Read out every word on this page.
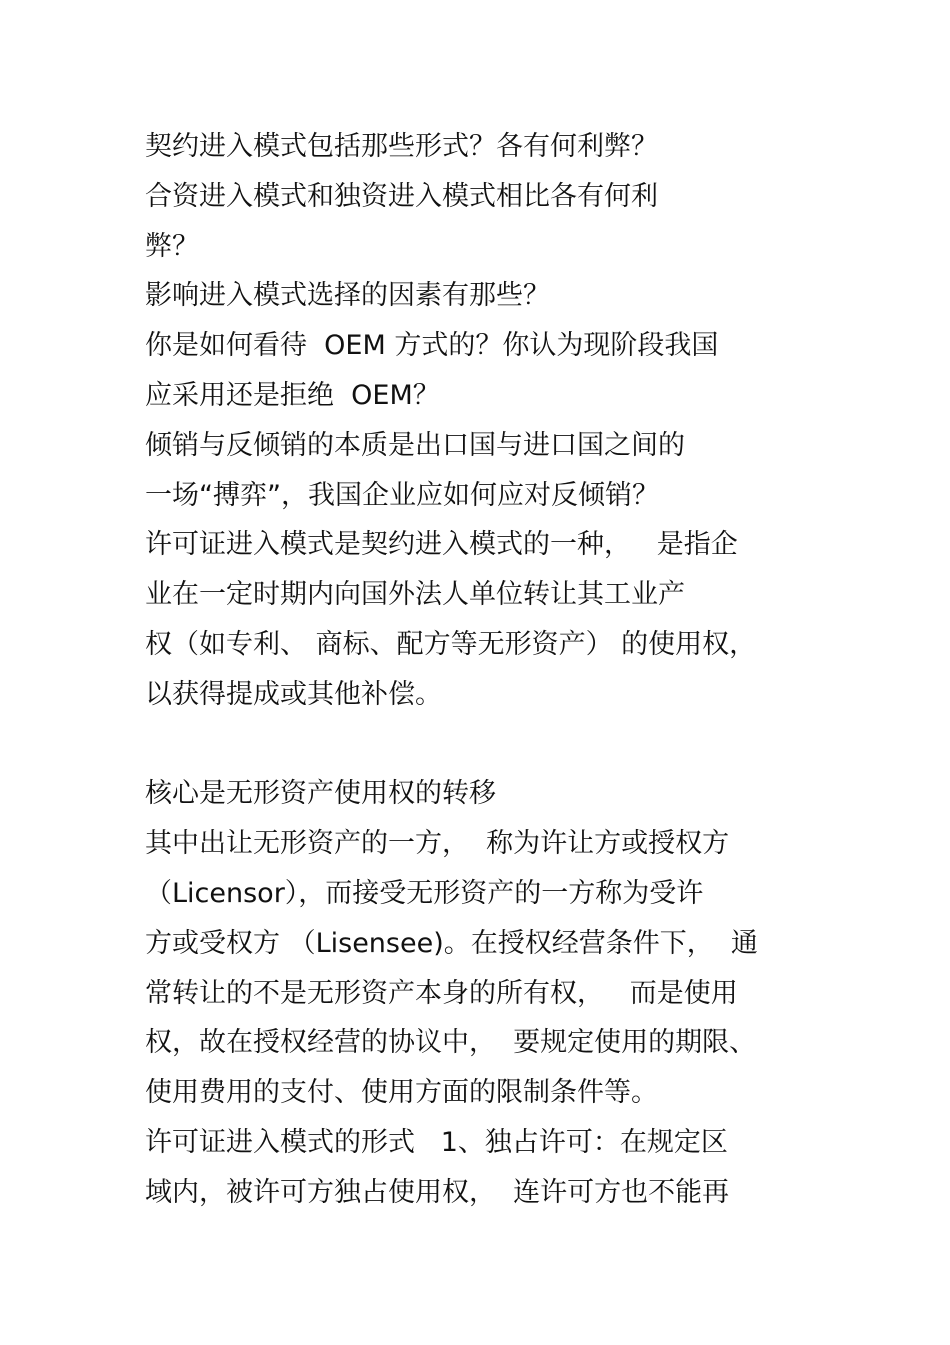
契约进入模式包括那些形式？各有何利弊？
合资进入模式和独资进入模式相比各有何利
弊？
影响进入模式选择的因素有那些？
你是如何看待  OEM 方式的？你认为现阶段我国
应采用还是拒绝  OEM？
倾销与反倾销的本质是出口国与进口国之间的
一场“搏弈”，我国企业应如何应对反倾销？
许可证进入模式是契约进入模式的一种，   是指企
业在一定时期内向国外法人单位转让其工业产
权（如专利、 商标、配方等无形资产） 的使用权，
以获得提成或其他补偿。
核心是无形资产使用权的转移
其中出让无形资产的一方，  称为许让方或授权方
（Licensor），而接受无形资产的一方称为受许
方或受权方 （Lisensee)。在授权经营条件下，  通
常转让的不是无形资产本身的所有权，   而是使用
权，故在授权经营的协议中，  要规定使用的期限、
使用费用的支付、使用方面的限制条件等。
许可证进入模式的形式   1、独占许可：在规定区
域内，被许可方独占使用权，  连许可方也不能再
